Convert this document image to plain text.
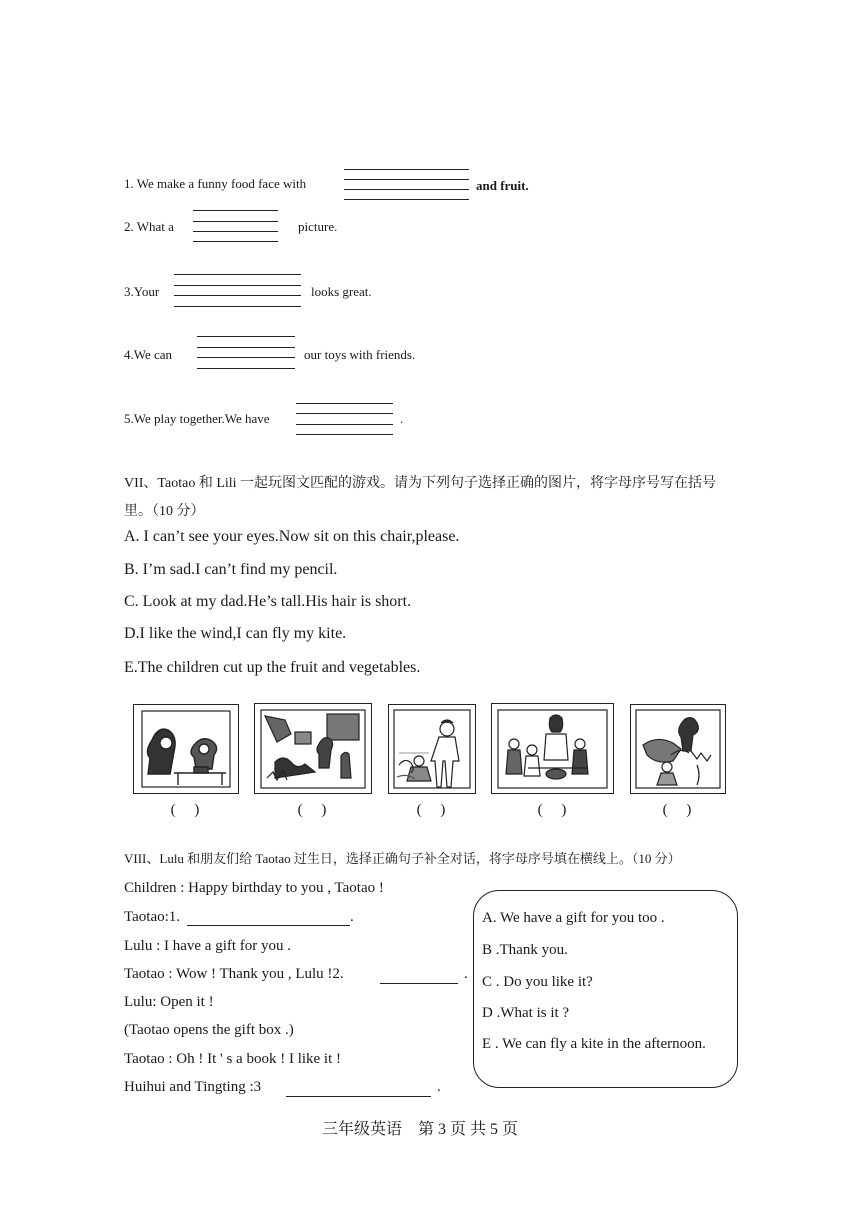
1. We make a funny food face with	and fruit.
2. What a	picture.
3.Your	looks great.
4.We can	our toys with friends.
5.We play together.We have	.
VII、Taotao 和 Lili 一起玩图文匹配的游戏。请为下列句子选择正确的图片，将字母序号写在括号
里。（10 分）
A. I can’t see your eyes.Now sit on this chair,please.
B. I’m sad.I can’t find my pencil.
C. Look at my dad.He’s tall.His hair is short.
D.I like the wind,I can fly my kite.
E.The children cut up the fruit and vegetables.
(　 )	(　 )	(　 )	(　 )	(　 )
VIII、Lulu 和朋友们给 Taotao 过生日，选择正确句子补全对话，将字母序号填在横线上。（10 分）
Children : Happy birthday to you , Taotao !
Taotao:1.	.
Lulu : I have a gift for you .
Taotao : Wow ! Thank you , Lulu !2.	.
Lulu: Open it !
(Taotao opens the gift box .)
Taotao : Oh ! It ' s a book ! I like it !
Huihui and Tingting :3	.
A. We have a gift for you too .
B .Thank you.
C . Do you like it?
D .What is it ?
E . We can fly a kite in the afternoon.
三年级英语　第 3 页 共 5 页
